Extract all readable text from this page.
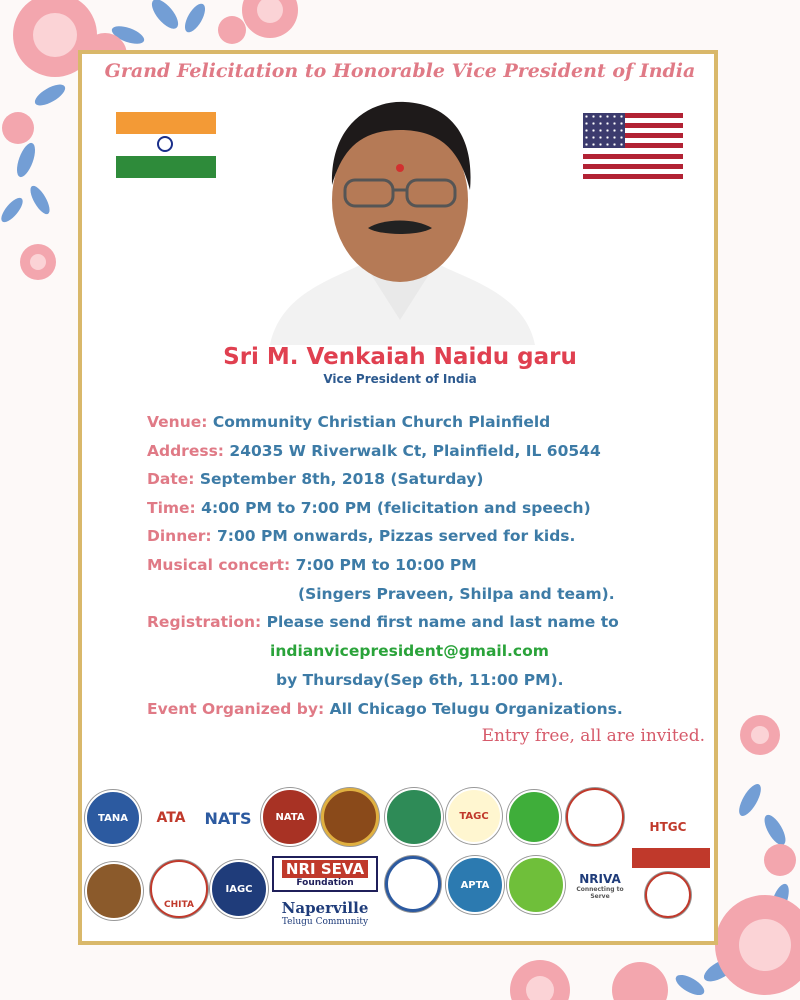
Grand Felicitation to Honorable Vice President of India
Sri M. Venkaiah Naidu garu
Vice President of India
Venue: Community Christian Church Plainfield
Address: 24035 W Riverwalk Ct, Plainfield, IL 60544
Date: September 8th, 2018 (Saturday)
Time: 4:00 PM to 7:00 PM (felicitation and speech)
Dinner: 7:00 PM onwards, Pizzas served for kids.
Musical concert: 7:00 PM to 10:00 PM
(Singers Praveen, Shilpa and team).
Registration: Please send first name and last name to
indianvicepresident@gmail.com
by Thursday(Sep 6th, 11:00 PM).
Event Organized by: All Chicago Telugu Organizations.
Entry free, all are invited.
TANA ATA NATS NATA	TAGC
HTGC
CHITA
IAGC
NRI SEVA
Foundation
Naperville
Telugu Community
APTA	NRIVA
Connecting to Serve
